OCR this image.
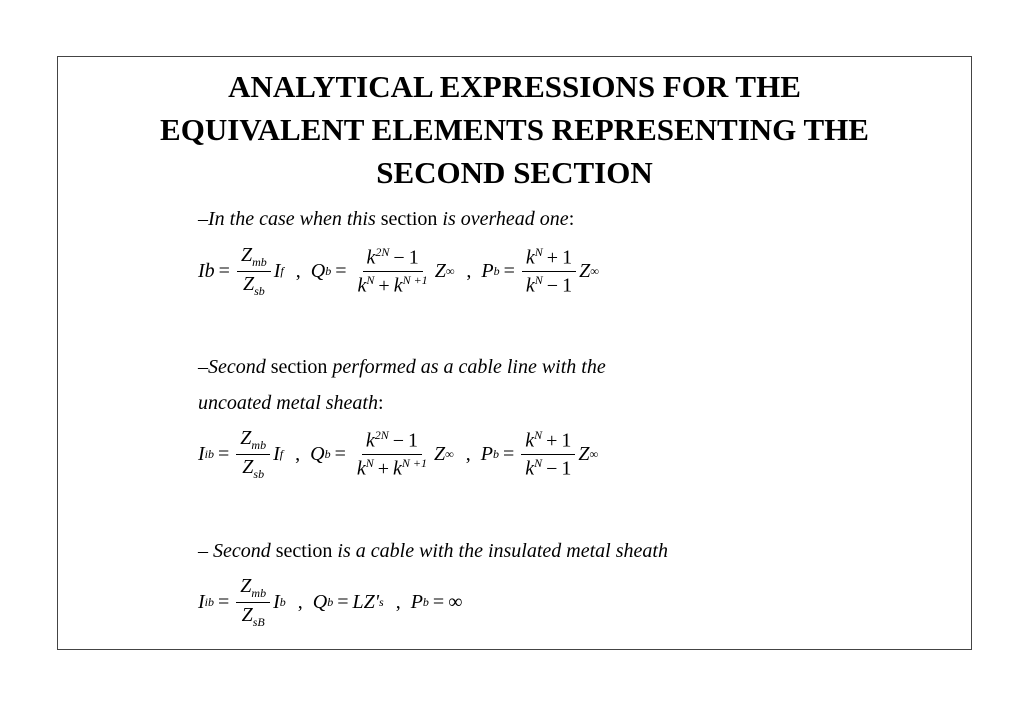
ANALYTICAL EXPRESSIONS FOR THE
EQUIVALENT ELEMENTS REPRESENTING THE
SECOND SECTION
–In the case when this section is overhead one:
$Ib = \frac{Z_{mb}}{Z_{sb}}$ I f , Q $b = \frac{k^{2N} - 1}{k^N + k^{N +1}}$ Z ∞ , P $b = \frac{k^N + 1}{k^N - 1}$ Z ∞
–Second section performed as a cable line with the
uncoated metal sheath:
I ib = $\frac{Z_{mb}}{Z_{sb}}$ I f , Q $b = \frac{k^{2N} - 1}{k^N + k^{N +1}}$ Z ∞ , P $b = \frac{k^N + 1}{k^N - 1}$ Z ∞
– Second section is a cable with the insulated metal sheath
I ib = $\frac{Z_{mb}}{Z_{sB}}$ I b , Q b = LZ' s , P b = ∞
